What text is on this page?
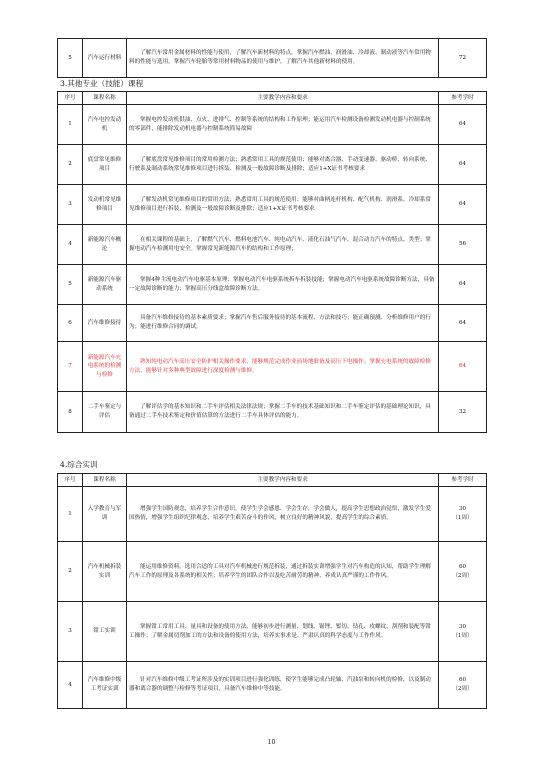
5	汽车运行材料	了解汽车常用金属材料的性能与使用，了解汽车新材料的特点，掌握汽车燃油、润滑油、冷却液、制动液等汽车常用物料的性能与选用，掌握汽车轮胎等常用材料物品的使用与维护，了解汽车其他新材料的使用。	72
3.其他专业（技能）课程
序号	课程名称	主要教学内容和要求	参考学时
1	汽车电控发动机	掌握电控发动机供油、点火、进排气、控制等系统的结构和工作原理；能运用汽车检测设备检测发动机电器与控制系统的零部件，能排除发动机电器与控制系统简易故障	64
2	底盘常见维修项目	了解底盘常见维修项目的常用检测方法；熟悉常用工具的规范使用；能够对离合器、手动变速器、驱动桥、转向系统、行驶系及制动系统常见维修项目进行拆装、检测及一般故障诊断及排除；适应1+X证书考核要求	64
3	发动机常见维修项目	了解发动机常见维修项目的常用方法；熟悉常用工具的规范使用；能够对曲柄连杆机构、配气机构、润滑系、冷却系常见维修项目进行拆装、检测及一般故障诊断及排除；适应1+X证书考核要求	64
4	新能源汽车概论	在相关课程的基础上，了解燃气汽车、燃料电池汽车、纯电动汽车、液化石油气汽车、混合动力汽车的特点、类型；掌握电动汽车检测用电安全。掌握常见新能源汽车的结构和工作原理；	56
5	新能源汽车驱动系统	掌握4种主流电动汽车电驱基本原理；掌握电动汽车电驱系统拆车拆装技能；掌握电动汽车电驱系统故障诊断方法，具备一定故障诊断的能力；掌握高压分线盒故障诊断方法。	64
6	汽车维修接待	具备汽车维修接待的基本素质要求；掌握汽车售后服务接待的基本流程、方法和技巧；能正确预测、分析维修用户的行为；能进行维修合同的调试。	64
7	新能源汽车充电系统的检测与检修	熟知纯电动汽车高压安全防护相关操作要求，能够规范完成作业前场地准备及高压下电操作；掌握充电系统的故障检修方法，能够针对多种典型故障进行深度检测与维修。	64
8	二手车鉴定与评估	了解评估学的基本知识和二手车评估相关法律法规；掌握二手车的技术基础知识和二手车鉴定评估的基础理论知识，具备通过二手车技术鉴定和价值估算的方法进行二手车具体评估的能力。	32
4.综合实训
序号	课程名称	主要教学内容和要求	参考学时
1	入学教育与军训	增强学生国防观念，培养学生合作意识，使学生学会感恩、学会生存，学会做人，提高学生思想政治觉悟，激发学生爱国热情，增强学生组织纪律观念，培养学生艰苦奋斗的作风，树立良好的精神风貌，提高学生的综合素质。	30
（1周）

2	汽车机械拆装实训	能运用维修资料，选用合适的工具对汽车机械进行规范拆装，通过拆装实训增强学生对汽车构造的认知，帮助学生理解汽车工作的原理及各系统的相关性；培养学生的团队合作以及吃苦耐劳的精神，养成认真严谨的工作作风。	60
（2周）

3	钳工实训	掌握钳工常用工具、量具和设备的使用方法，能够初步进行测量、划线、锯锉、錾切、钻孔、攻螺纹、刮削和装配等钳工操作；了解金属切削加工的方法和设备的使用方法，培养实事求是、严肃认真的科学态度与工作作风。	30
（1周）

4	汽车维修中级工考证实训	针对汽车维修中级工考证所涉及的实训项目进行强化训练，使学生能够完成凸轮轴、汽油泵和转向机的检修，以及制动器和离合器的调整与检修等考证项目，具备汽车维修中等技能。	60
（2周）
10
